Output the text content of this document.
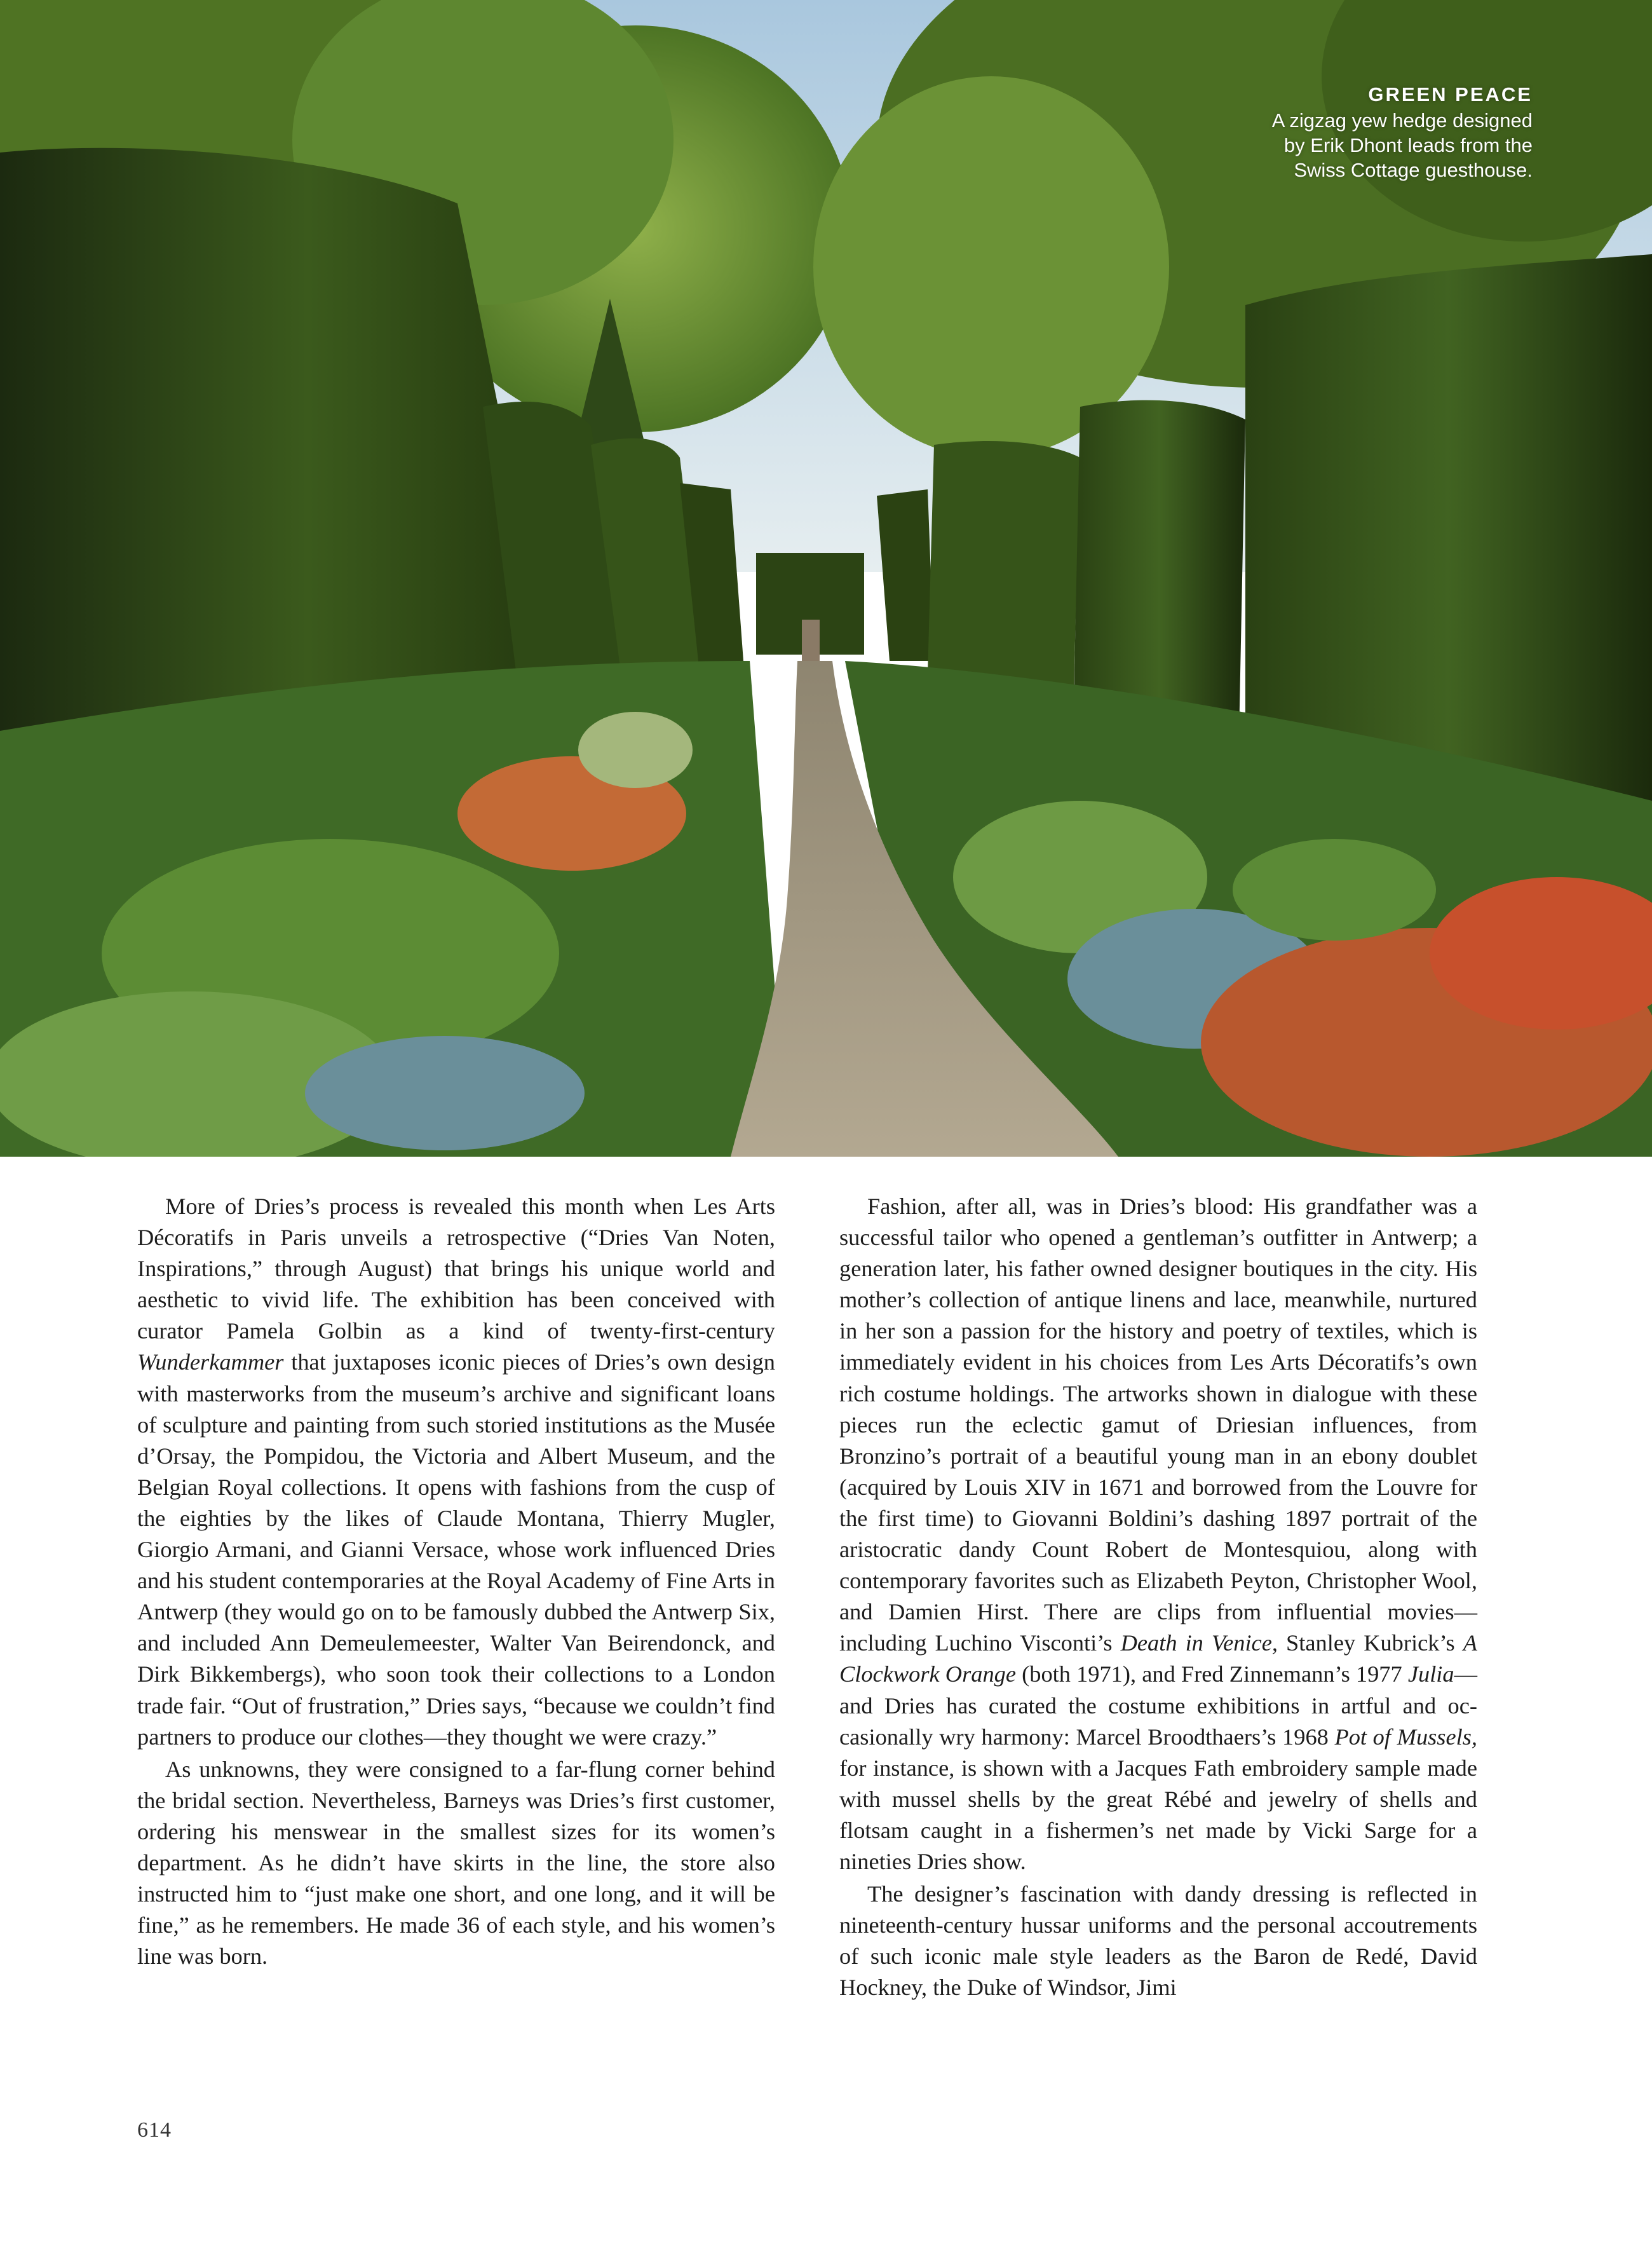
GREEN PEACE
A zigzag yew hedge designed by Erik Dhont leads from the Swiss Cottage guesthouse.

More of Dries’s process is revealed this month when Les Arts Décoratifs in Paris unveils a retrospective (“Dries Van Noten, Inspirations,” through August) that brings his unique world and aesthetic to vivid life. The exhibition has been conceived with curator Pamela Golbin as a kind of twenty-first-century Wunderkammer that juxtaposes iconic pieces of Dries’s own design with masterworks from the museum’s archive and significant loans of sculpture and painting from such storied institutions as the Musée d’Orsay, the Pompidou, the Victoria and Albert Museum, and the Belgian Royal collections. It opens with fashions from the cusp of the eighties by the likes of Claude Montana, Thierry Mugler, Giorgio Armani, and Gianni Versace, whose work influenced Dries and his student contemporaries at the Royal Academy of Fine Arts in Antwerp (they would go on to be famously dubbed the Antwerp Six, and included Ann Demeulemeester, Walter Van Beirendonck, and Dirk Bikkembergs), who soon took their collections to a London trade fair. “Out of frustration,” Dries says, “because we couldn’t find partners to produce our clothes—they thought we were crazy.”

As unknowns, they were consigned to a far-flung corner behind the bridal section. Nevertheless, Barneys was Dries’s first customer, ordering his menswear in the smallest sizes for its women’s department. As he didn’t have skirts in the line, the store also instructed him to “just make one short, and one long, and it will be fine,” as he remembers. He made 36 of each style, and his women’s line was born.

Fashion, after all, was in Dries’s blood: His grandfather was a successful tailor who opened a gentleman’s outfitter in Antwerp; a generation later, his father owned designer boutiques in the city. His mother’s collection of antique linens and lace, meanwhile, nurtured in her son a passion for the history and poetry of textiles, which is immediately evident in his choices from Les Arts Décoratifs’s own rich costume holdings. The artworks shown in dialogue with these pieces run the eclectic gamut of Driesian influences, from Bronzino’s portrait of a beautiful young man in an ebony doublet (acquired by Louis XIV in 1671 and borrowed from the Louvre for the first time) to Giovanni Boldini’s dashing 1897 portrait of the aristocratic dandy Count Robert de Montesquiou, along with contemporary favorites such as Elizabeth Peyton, Christopher Wool, and Damien Hirst. There are clips from influential movies—including Luchino Visconti’s Death in Venice, Stanley Kubrick’s A Clockwork Orange (both 1971), and Fred Zinnemann’s 1977 Julia—and Dries has curated the costume exhibitions in artful and occasionally wry harmony: Marcel Broodthaers’s 1968 Pot of Mussels, for instance, is shown with a Jacques Fath embroidery sample made with mussel shells by the great Rébé and jewelry of shells and flotsam caught in a fishermen’s net made by Vicki Sarge for a nineties Dries show.

The designer’s fascination with dandy dressing is reflected in nineteenth-century hussar uniforms and the personal accoutrements of such iconic male style leaders as the Baron de Redé, David Hockney, the Duke of Windsor, Jimi

614
